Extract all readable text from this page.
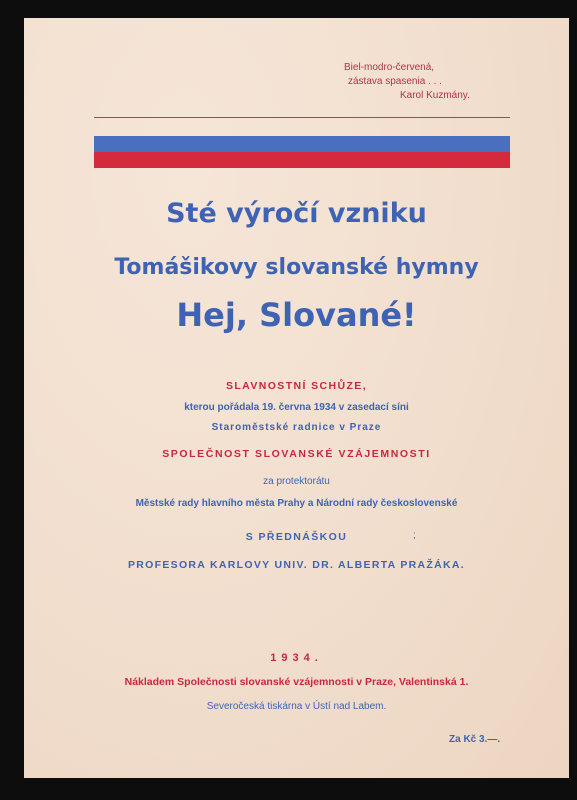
Biel-modro-červená,
zástava spasenia . . .
Karol Kuzmány.
Sté výročí vzniku
Tomášikovy slovanské hymny
Hej, Slované!
SLAVNOSTNÍ SCHŮZE,
kterou pořádala 19. června 1934 v zasedací síni
Staroměstské radnice v Praze
SPOLEČNOST SLOVANSKÉ VZÁJEMNOSTI
za protektorátu
Městské rady hlavního města Prahy a Národní rady československé
S PŘEDNÁŠKOU	;
PROFESORA KARLOVY UNIV. DR. ALBERTA PRAŽÁKA.
1934.
Nákladem Společnosti slovanské vzájemnosti v Praze, Valentinská 1.
Severočeská tiskárna v Ústí nad Labem.
Za Kč 3.—.
